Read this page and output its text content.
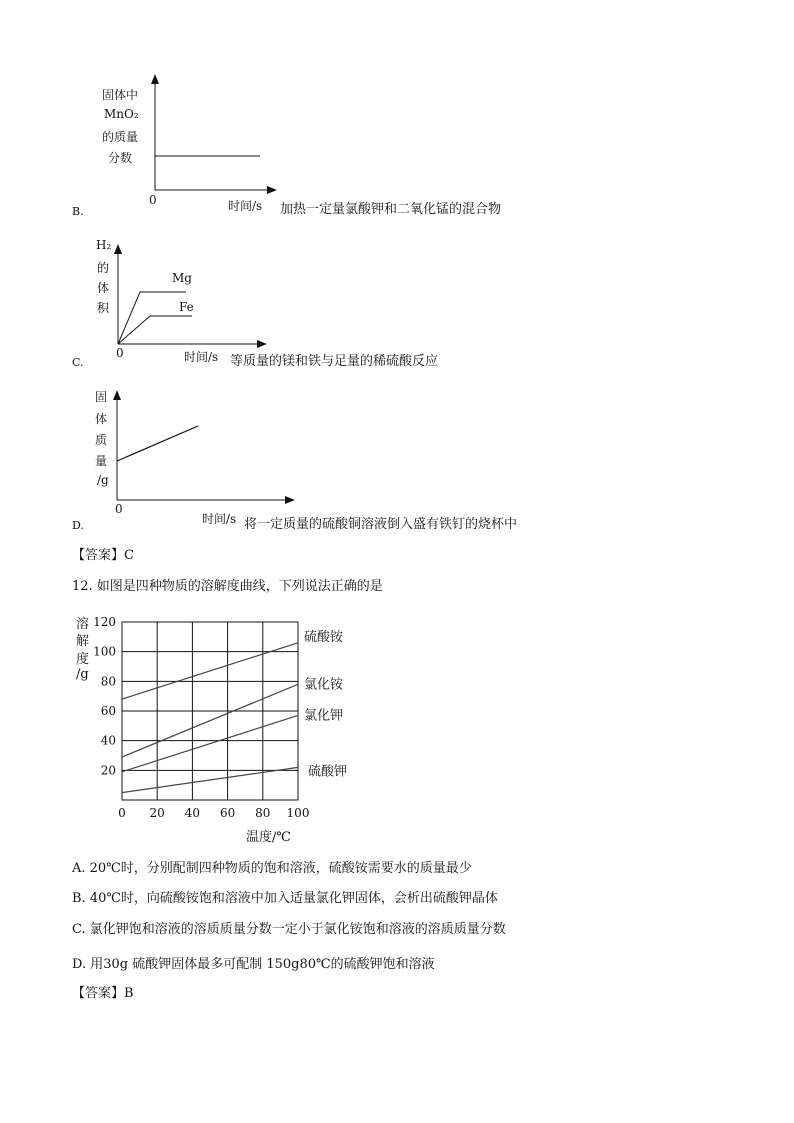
固体中
MnO₂
的质量
分数
0	时间/s
B.	加热一定量氯酸钾和二氧化锰的混合物
H₂
的
体
积
Mg
Fe
0	时间/s
C.	等质量的镁和铁与足量的稀硫酸反应
固
体
质
量
/g
0
时间/s
D.	将一定质量的硫酸铜溶液倒入盛有铁钉的烧杯中
【答案】C
12. 如图是四种物质的溶解度曲线，下列说法正确的是
溶
解
度
/g
0 20 40 60 80 100
20
40
60
80
100
120
硫酸铵
氯化铵
氯化钾
硫酸钾
温度/℃
A. 20℃时，分别配制四种物质的饱和溶液，硫酸铵需要水的质量最少
B. 40℃时，向硫酸铵饱和溶液中加入适量氯化钾固体，会析出硫酸钾晶体
C. 氯化钾饱和溶液的溶质质量分数一定小于氯化铵饱和溶液的溶质质量分数
D. 用30g 硫酸钾固体最多可配制 150g80℃的硫酸钾饱和溶液
【答案】B
